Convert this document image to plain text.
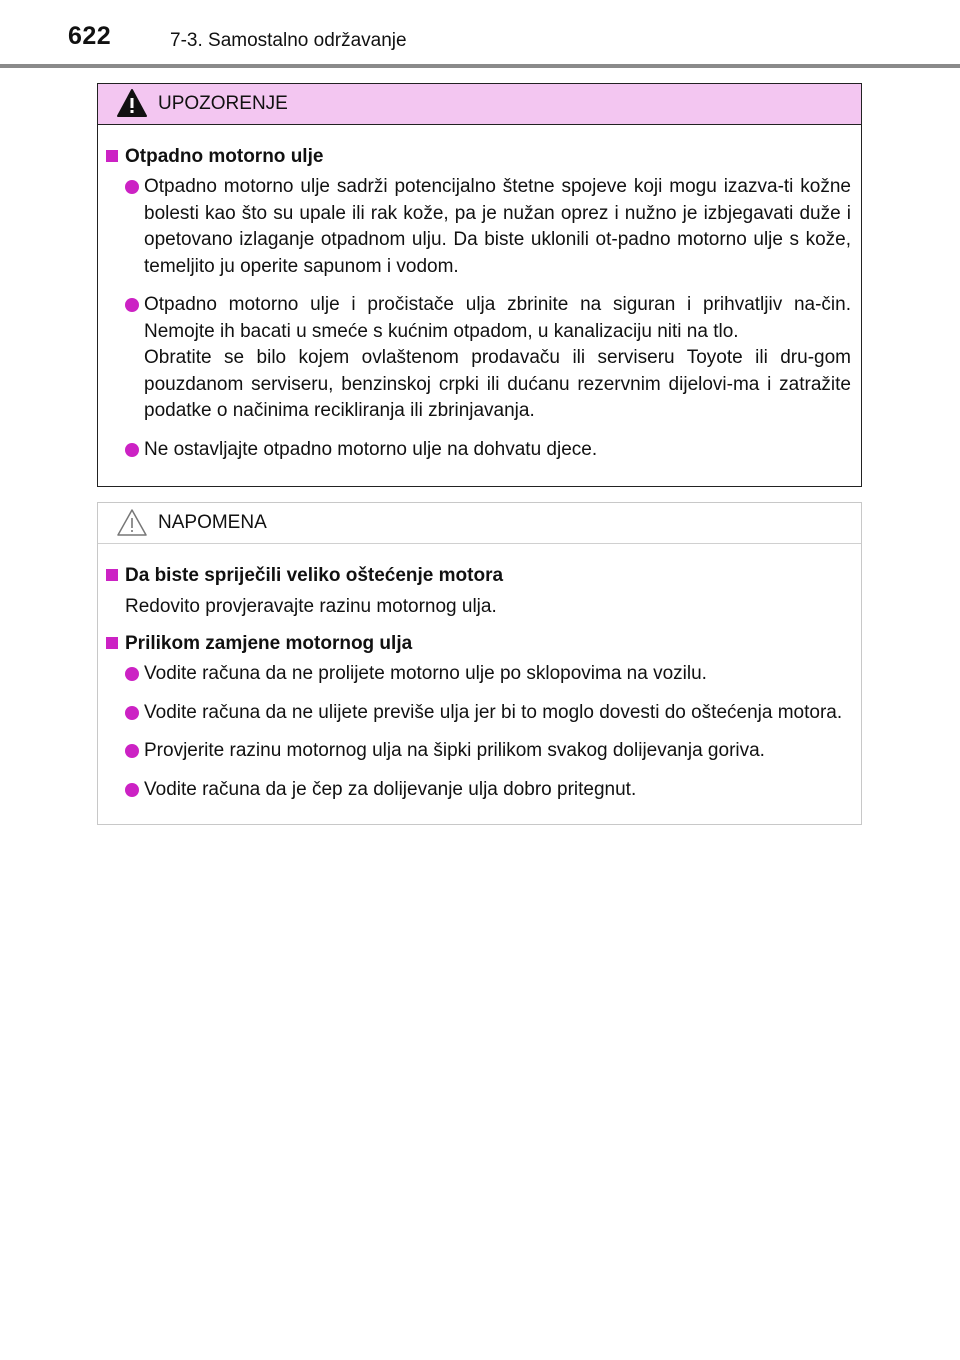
622	7-3. Samostalno održavanje
UPOZORENJE
Otpadno motorno ulje
Otpadno motorno ulje sadrži potencijalno štetne spojeve koji mogu izazva-ti kožne bolesti kao što su upale ili rak kože, pa je nužan oprez i nužno je izbjegavati duže i opetovano izlaganje otpadnom ulju. Da biste uklonili ot-padno motorno ulje s kože, temeljito ju operite sapunom i vodom.
Otpadno motorno ulje i pročistače ulja zbrinite na siguran i prihvatljiv na-čin. Nemojte ih bacati u smeće s kućnim otpadom, u kanalizaciju niti na tlo.
Obratite se bilo kojem ovlaštenom prodavaču ili serviseru Toyote ili dru-gom pouzdanom serviseru, benzinskoj crpki ili dućanu rezervnim dijelovi-ma i zatražite podatke o načinima recikliranja ili zbrinjavanja.
Ne ostavljajte otpadno motorno ulje na dohvatu djece.
NAPOMENA
Da biste spriječili veliko oštećenje motora
Redovito provjeravajte razinu motornog ulja.
Prilikom zamjene motornog ulja
Vodite računa da ne prolijete motorno ulje po sklopovima na vozilu.
Vodite računa da ne ulijete previše ulja jer bi to moglo dovesti do oštećenja motora.
Provjerite razinu motornog ulja na šipki prilikom svakog dolijevanja goriva.
Vodite računa da je čep za dolijevanje ulja dobro pritegnut.
